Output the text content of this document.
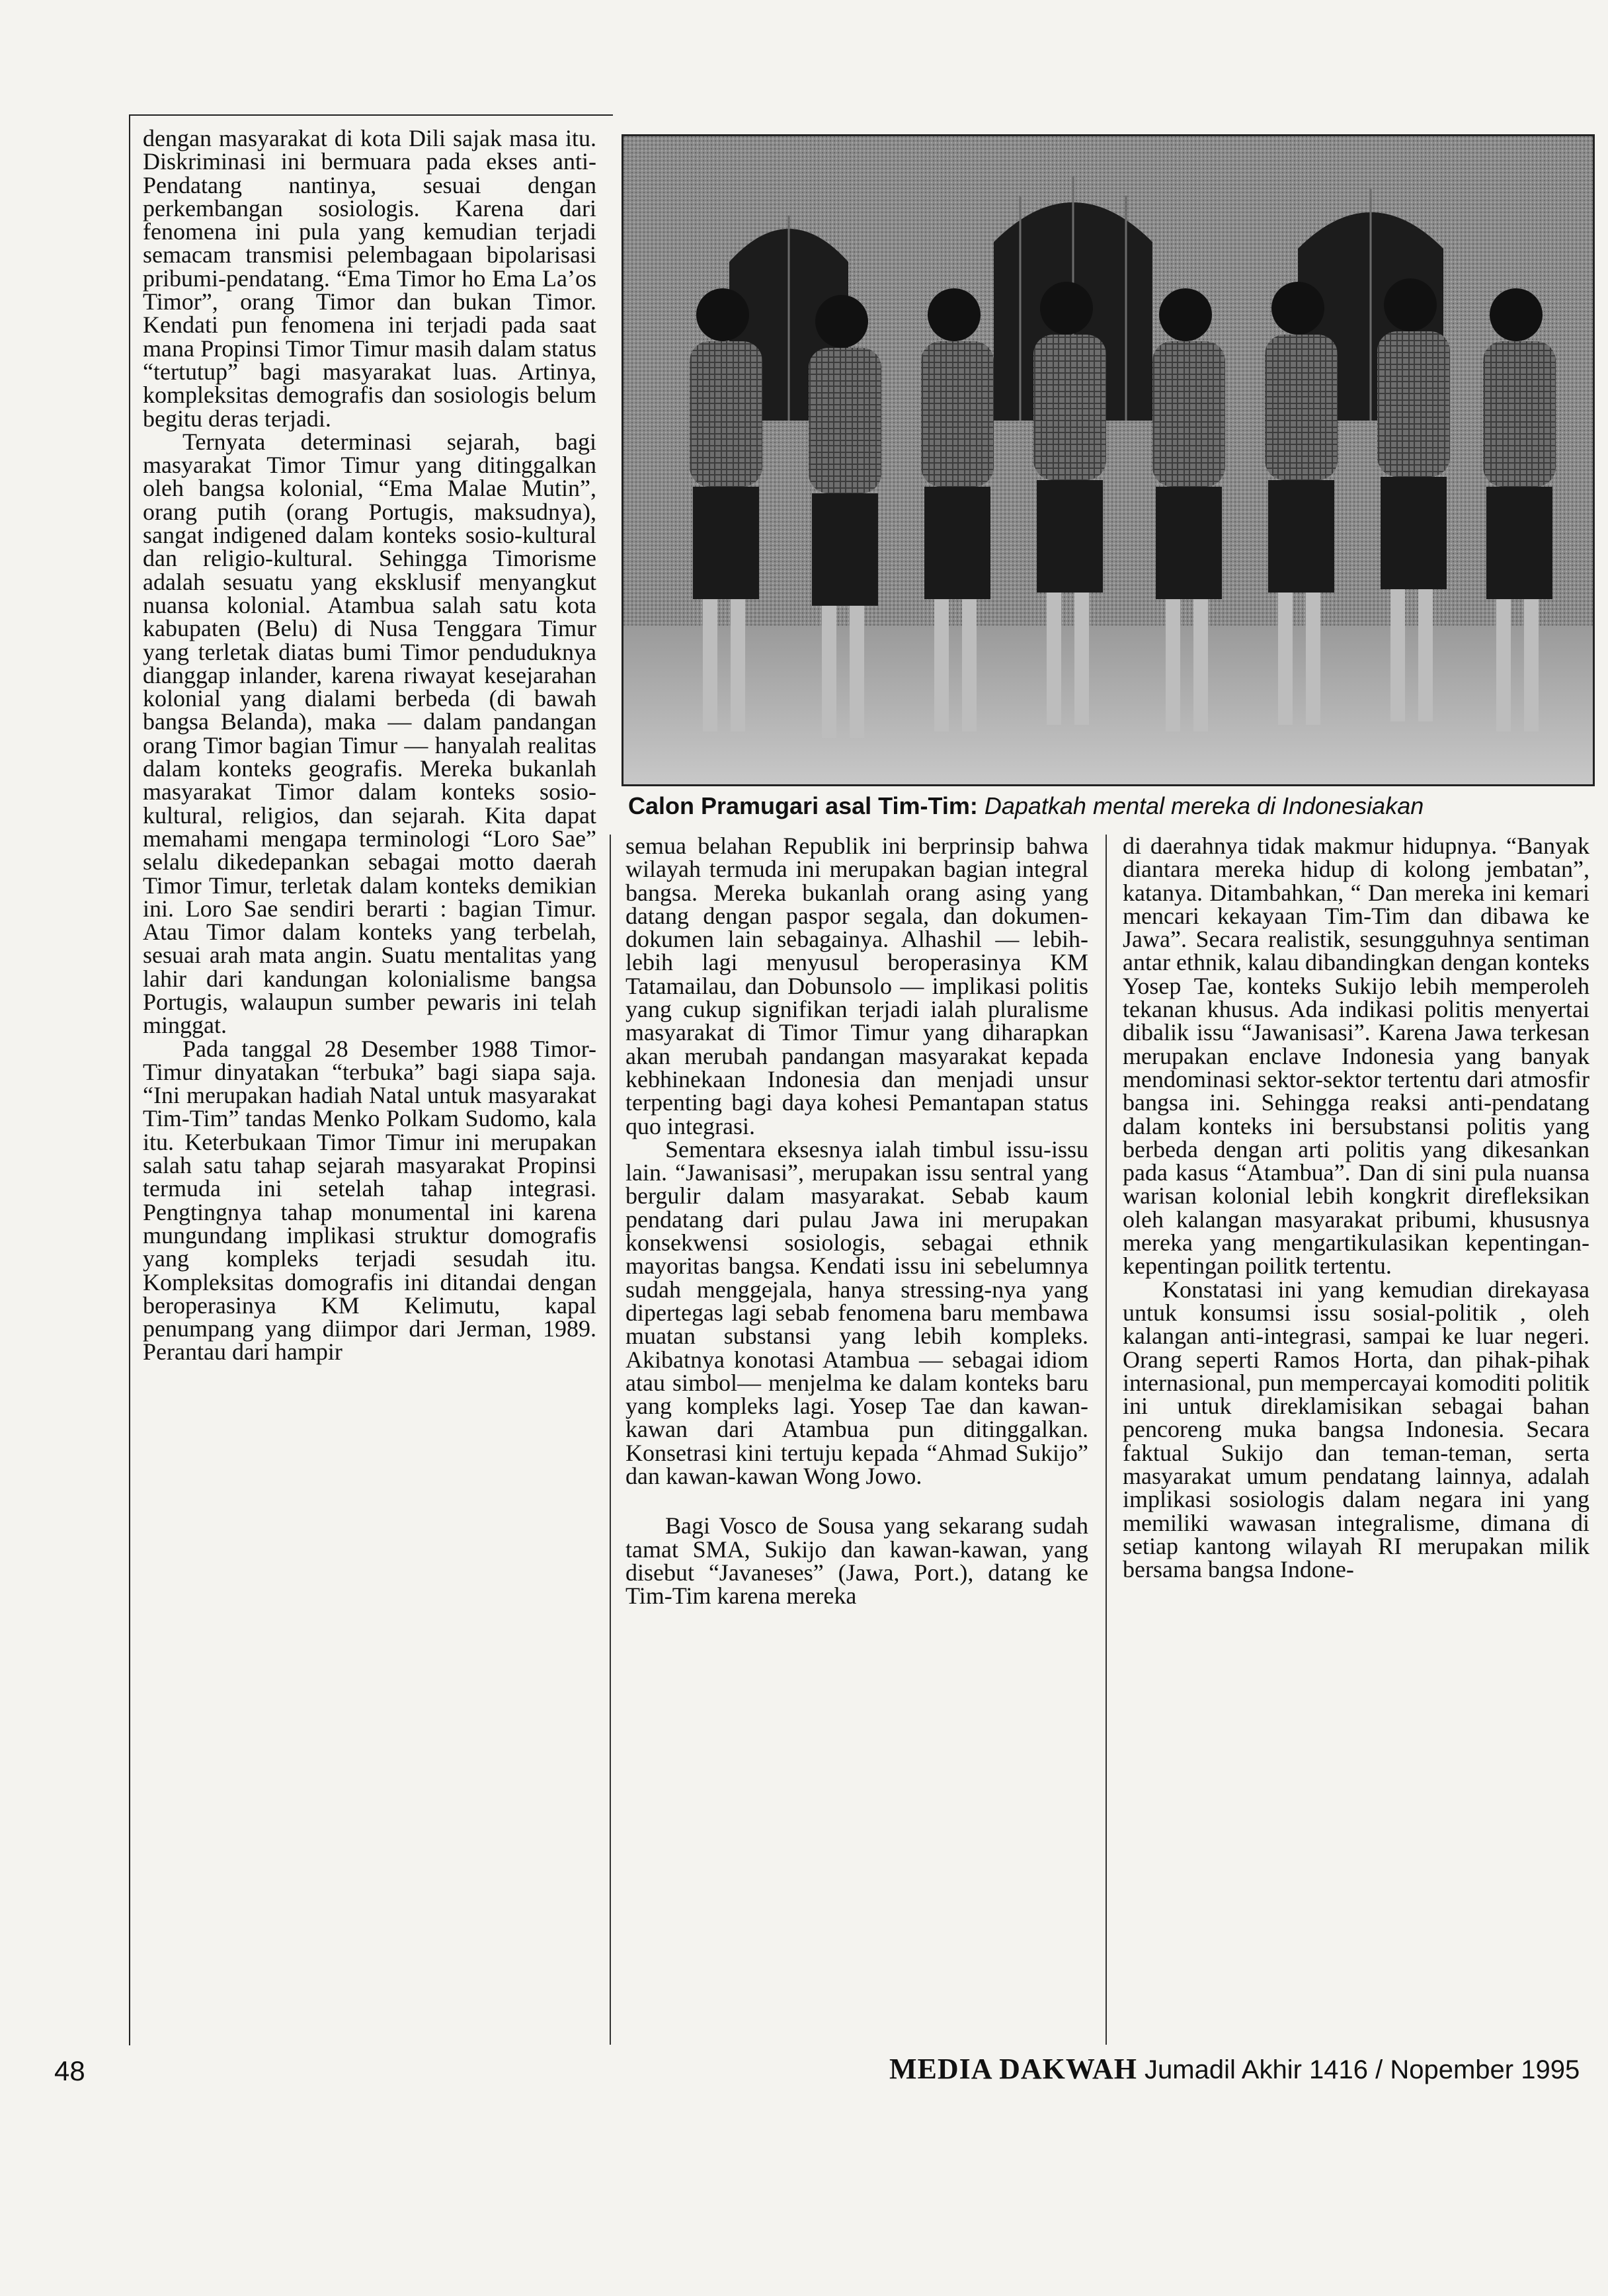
Calon Pramugari asal Tim-Tim: Dapatkah mental mereka di Indonesiakan

dengan masyarakat di kota Dili sajak masa itu. Diskriminasi ini bermuara pada ekses anti- Pendatang nantinya, sesuai dengan perkembangan sosiologis. Karena dari fenomena ini pula yang kemudian terjadi semacam transmisi pelembagaan bipolarisasi pribumi-pendatang. “Ema Timor ho Ema La’os Timor”, orang Timor dan bukan Timor. Kendati pun fenomena ini terjadi pada saat mana Propinsi Timor Timur masih dalam status “tertutup” bagi masyarakat luas. Artinya, kompleksitas demografis dan sosiologis belum begitu deras terjadi.

Ternyata determinasi sejarah, bagi masyarakat Timor Timur yang ditinggalkan oleh bangsa kolonial, “Ema Malae Mutin”, orang putih (orang Portugis, maksudnya), sangat indigened dalam konteks sosio-kultural dan religio-kultural. Sehingga Timorisme adalah sesuatu yang eksklusif menyangkut nuansa kolonial. Atambua salah satu kota kabupaten (Belu) di Nusa Tenggara Timur yang terletak diatas bumi Timor penduduknya dianggap inlander, karena riwayat kesejarahan kolonial yang dialami berbeda (di bawah bangsa Belanda), maka — dalam pandangan orang Timor bagian Timur — hanyalah realitas dalam konteks geografis. Mereka bukanlah masyarakat Timor dalam konteks sosio-kultural, religios, dan sejarah. Kita dapat memahami mengapa terminologi “Loro Sae” selalu dikedepankan sebagai motto daerah Timor Timur, terletak dalam konteks demikian ini. Loro Sae sendiri berarti : bagian Timur. Atau Timor dalam konteks yang terbelah, sesuai arah mata angin. Suatu mentalitas yang lahir dari kandungan kolonialisme bangsa Portugis, walaupun sumber pewaris ini telah minggat.

Pada tanggal 28 Desember 1988 Timor-Timur dinyatakan “terbuka” bagi siapa saja. “Ini merupakan hadiah Natal untuk masyarakat Tim-Tim” tandas Menko Polkam Sudomo, kala itu. Keterbukaan Timor Timur ini merupakan salah satu tahap sejarah masyarakat Propinsi termuda ini setelah tahap integrasi. Pengtingnya tahap monumental ini karena mungundang implikasi struktur domografis yang kompleks terjadi sesudah itu. Kompleksitas domografis ini ditandai dengan beroperasinya KM Kelimutu, kapal penumpang yang diimpor dari Jerman, 1989. Perantau dari hampir

semua belahan Republik ini berprinsip bahwa wilayah termuda ini merupakan bagian integral bangsa. Mereka bukanlah orang asing yang datang dengan paspor segala, dan dokumen-dokumen lain sebagainya. Alhashil — lebih-lebih lagi menyusul beroperasinya KM Tatamailau, dan Dobunsolo — implikasi politis yang cukup signifikan terjadi ialah pluralisme masyarakat di Timor Timur yang diharapkan akan merubah pandangan masyarakat kepada kebhinekaan Indonesia dan menjadi unsur terpenting bagi daya kohesi Pemantapan status quo integrasi.

Sementara eksesnya ialah timbul issu-issu lain. “Jawanisasi”, merupakan issu sentral yang bergulir dalam masyarakat. Sebab kaum pendatang dari pulau Jawa ini merupakan konsekwensi sosiologis, sebagai ethnik mayoritas bangsa. Kendati issu ini sebelumnya sudah menggejala, hanya stressing-nya yang dipertegas lagi sebab fenomena baru membawa muatan substansi yang lebih kompleks. Akibatnya konotasi Atambua — sebagai idiom atau simbol— menjelma ke dalam konteks baru yang kompleks lagi. Yosep Tae dan kawan-kawan dari Atambua pun ditinggalkan. Konsetrasi kini tertuju kepada “Ahmad Sukijo” dan kawan-kawan Wong Jowo.

Bagi Vosco de Sousa yang sekarang sudah tamat SMA, Sukijo dan kawan-kawan, yang disebut “Javaneses” (Jawa, Port.), datang ke Tim-Tim karena mereka

di daerahnya tidak makmur hidupnya. “Banyak diantara mereka hidup di kolong jembatan”, katanya. Ditambahkan, “ Dan mereka ini kemari mencari kekayaan Tim-Tim dan dibawa ke Jawa”. Secara realistik, sesungguhnya sentiman antar ethnik, kalau dibandingkan dengan konteks Yosep Tae, konteks Sukijo lebih memperoleh tekanan khusus. Ada indikasi politis menyertai dibalik issu “Jawanisasi”. Karena Jawa terkesan merupakan enclave Indonesia yang banyak mendominasi sektor-sektor tertentu dari atmosfir bangsa ini. Sehingga reaksi anti-pendatang dalam konteks ini bersubstansi politis yang berbeda dengan arti politis yang dikesankan pada kasus “Atambua”. Dan di sini pula nuansa warisan kolonial lebih kongkrit direfleksikan oleh kalangan masyarakat pribumi, khususnya mereka yang mengartikulasikan kepentingan-kepentingan poilitk tertentu.

Konstatasi ini yang kemudian direkayasa untuk konsumsi issu sosial-politik , oleh kalangan anti-integrasi, sampai ke luar negeri. Orang seperti Ramos Horta, dan pihak-pihak internasional, pun mempercayai komoditi politik ini untuk direklamisikan sebagai bahan pencoreng muka bangsa Indonesia. Secara faktual Sukijo dan teman-teman, serta masyarakat umum pendatang lainnya, adalah implikasi sosiologis dalam negara ini yang memiliki wawasan integralisme, dimana di setiap kantong wilayah RI merupakan milik bersama bangsa Indone-

48	MEDIA DAKWAH Jumadil Akhir 1416 / Nopember 1995
